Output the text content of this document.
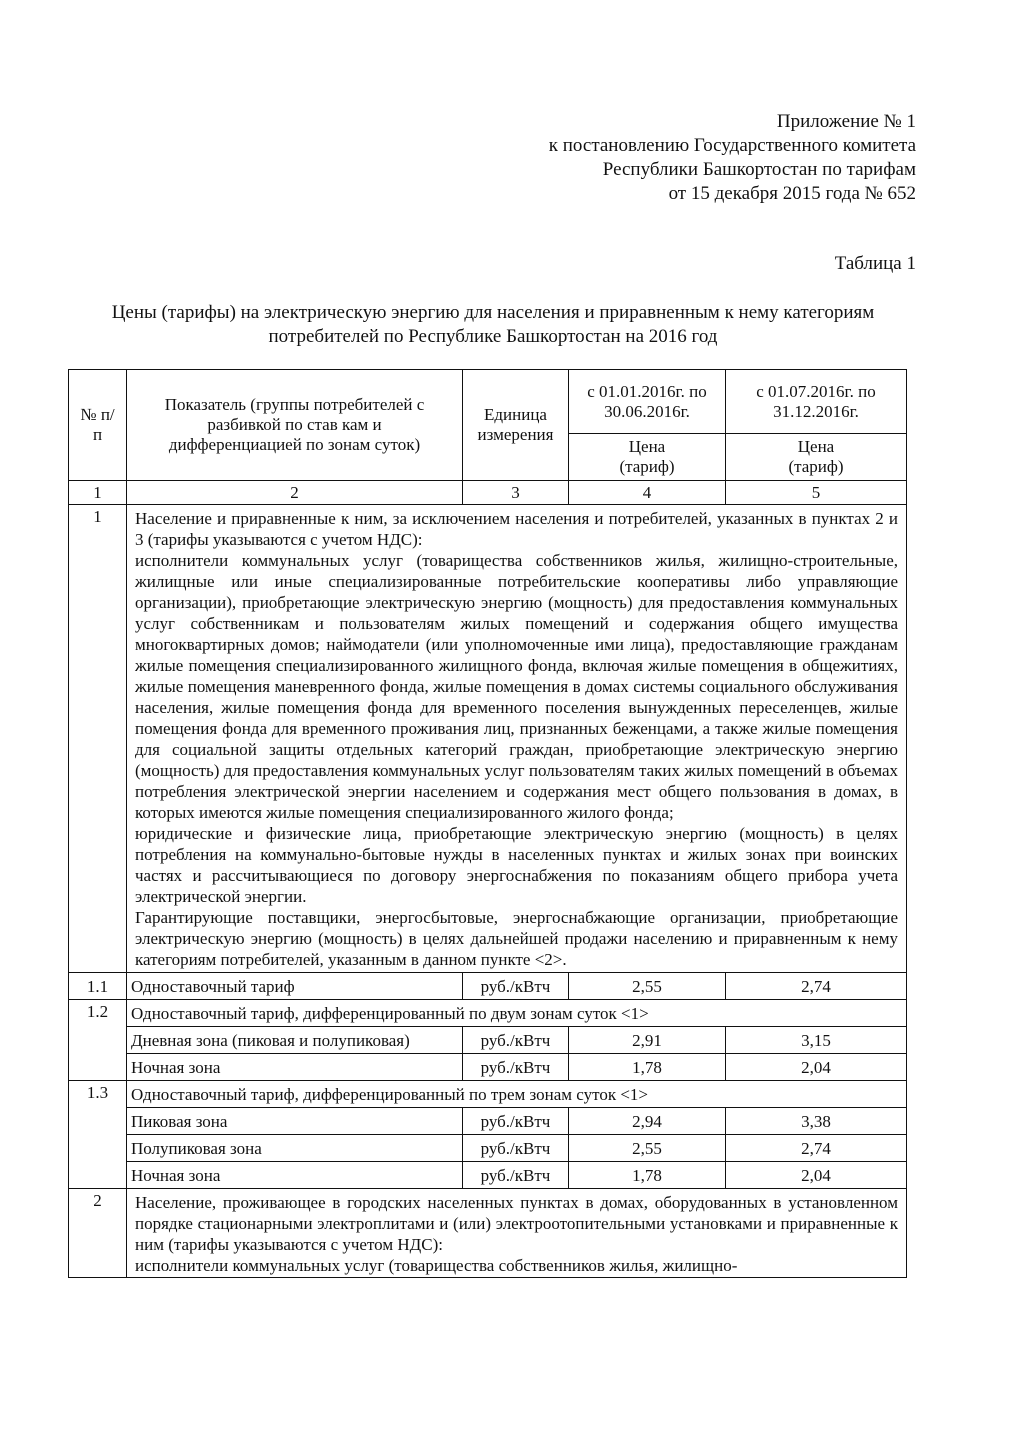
Приложение № 1
к постановлению Государственного комитета
Республики Башкортостан по тарифам
от 15 декабря 2015 года № 652
Таблица 1
Цены (тарифы) на электрическую энергию для населения и приравненным к нему категориям
потребителей по Республике Башкортостан на 2016 год
№ п/п	Показатель (группы потребителей с разбивкой по став кам и дифференциацией по зонам суток)	Единица измерения	с 01.01.2016г. по 30.06.2016г.	с 01.07.2016г. по 31.12.2016г.
			Цена (тариф)	Цена (тариф)
1	2	3	4	5
1	Население и приравненные к ним, за исключением населения и потребителей, указанных в пунктах 2 и 3 (тарифы указываются с учетом НДС):
исполнители коммунальных услуг (товарищества собственников жилья, жилищно-строительные, жилищные или иные специализированные потребительские кооперативы либо управляющие организации), приобретающие электрическую энергию (мощность) для предоставления коммунальных услуг собственникам и пользователям жилых помещений и содержания общего имущества многоквартирных домов; наймодатели (или уполномоченные ими лица), предоставляющие гражданам жилые помещения специализированного жилищного фонда, включая жилые помещения в общежитиях, жилые помещения маневренного фонда, жилые помещения в домах системы социального обслуживания населения, жилые помещения фонда для временного поселения вынужденных переселенцев, жилые помещения фонда для временного проживания лиц, признанных беженцами, а также жилые помещения для социальной защиты отдельных категорий граждан, приобретающие электрическую энергию (мощность) для предоставления коммунальных услуг пользователям таких жилых помещений в объемах потребления электрической энергии населением и содержания мест общего пользования в домах, в которых имеются жилые помещения специализированного жилого фонда;
юридические и физические лица, приобретающие электрическую энергию (мощность) в целях потребления на коммунально-бытовые нужды в населенных пунктах и жилых зонах при воинских частях и рассчитывающиеся по договору энергоснабжения по показаниям общего прибора учета электрической энергии.
Гарантирующие поставщики, энергосбытовые, энергоснабжающие организации, приобретающие электрическую энергию (мощность) в целях дальнейшей продажи населению и приравненным к нему категориям потребителей, указанным в данном пункте <2>.			

1.1	Одноставочный тариф	руб./кВтч	2,55	2,74
1.2	Одноставочный тариф, дифференцированный по двум зонам суток <1>			
	Дневная зона (пиковая и полупиковая)	руб./кВтч	2,91	3,15
	Ночная зона	руб./кВтч	1,78	2,04
1.3	Одноставочный тариф, дифференцированный по трем зонам суток <1>			
	Пиковая зона	руб./кВтч	2,94	3,38
	Полупиковая зона	руб./кВтч	2,55	2,74
	Ночная зона	руб./кВтч	1,78	2,04
2	Население, проживающее в городских населенных пунктах в домах, оборудованных в установленном порядке стационарными электроплитами и (или) электроотопительными установками и приравненные к ним (тарифы указываются с учетом НДС):
исполнители коммунальных услуг (товарищества собственников жилья, жилищно-			
